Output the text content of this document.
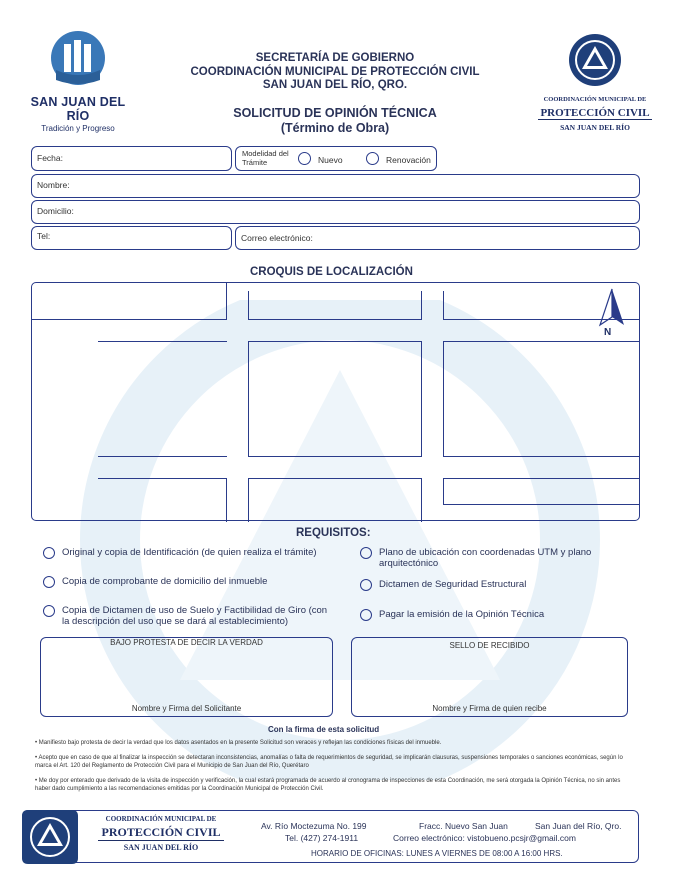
SAN JUAN DEL RÍO
Tradición y Progreso
SECRETARÍA DE GOBIERNO
COORDINACIÓN MUNICIPAL DE PROTECCIÓN CIVIL
SAN JUAN DEL RÍO, QRO.
SOLICITUD DE OPINIÓN TÉCNICA
(Término de Obra)
COORDINACIÓN MUNICIPAL DE
PROTECCIÓN CIVIL
SAN JUAN DEL RÍO
Fecha:	Modelidad del Trámite	Nuevo	Renovación
Nombre:
Domicilio:
Tel:	Correo electrónico:
CROQUIS DE LOCALIZACIÓN
N
REQUISITOS:
Original y copia de Identificación (de quien realiza el trámite)
Copia de comprobante de domicilio del inmueble
Copia de Dictamen de uso de Suelo y Factibilidad de Giro (con la descripción del uso que se dará al establecimiento)
Plano de ubicación con coordenadas UTM y plano arquitectónico
Dictamen de Seguridad Estructural
Pagar la emisión de la Opinión Técnica
BAJO PROTESTA DE DECIR LA VERDAD
Nombre y Firma del Solicitante
SELLO DE RECIBIDO
Nombre y Firma de quien recibe
Con la firma de esta solicitud
• Manifiesto bajo protesta de decir la verdad que los datos asentados en la presente Solicitud son veraces y reflejan las condiciones físicas del inmueble.
• Acepto que en caso de que al finalizar la inspección se detectaran inconsistencias, anomalías o falta de requerimientos de seguridad, se implicarán clausuras, suspensiones temporales o sanciones económicas, según lo marca el Art. 120 del Reglamento de Protección Civil para el Municipio de San Juan del Río, Querétaro
• Me doy por enterado que derivado de la visita de inspección y verificación, la cual estará programada de acuerdo al cronograma de inspecciones de esta Coordinación, me será otorgada la Opinión Técnica, no sin antes haber dado cumplimiento a las recomendaciones emitidas por la Coordinación Municipal de Protección Civil.
COORDINACIÓN MUNICIPAL DE
PROTECCIÓN CIVIL
SAN JUAN DEL RÍO
Av. Río Moctezuma No. 199	Fracc. Nuevo San Juan	San Juan del Río, Qro.
Tel. (427) 274-1911	Correo electrónico: vistobueno.pcsjr@gmail.com
HORARIO DE OFICINAS: LUNES A VIERNES DE 08:00 A 16:00 HRS.
